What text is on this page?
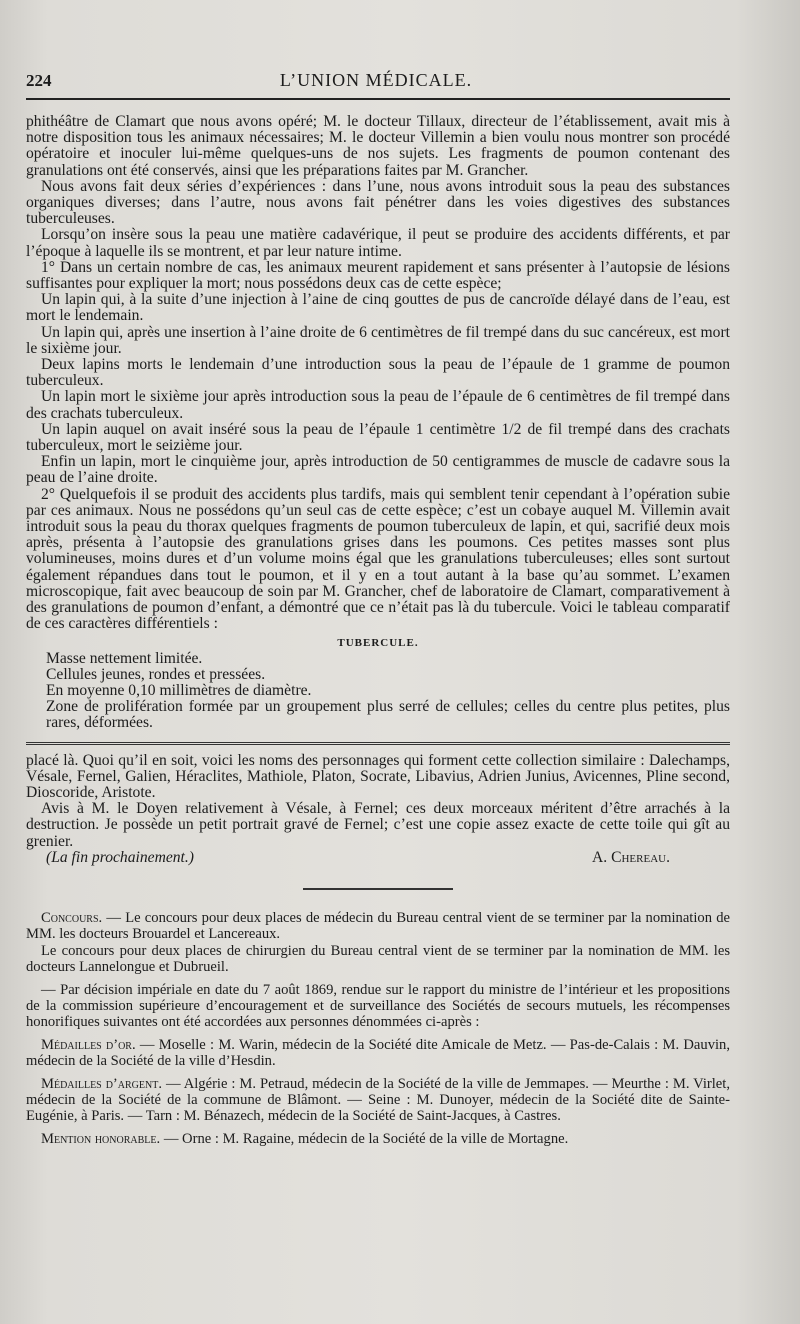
224	L’UNION MÉDICALE.

phithéâtre de Clamart que nous avons opéré; M. le docteur Tillaux, directeur de l’établissement, avait mis à notre disposition tous les animaux nécessaires; M. le docteur Villemin a bien voulu nous montrer son procédé opératoire et inoculer lui-même quelques-uns de nos sujets. Les fragments de poumon contenant des granulations ont été conservés, ainsi que les préparations faites par M. Grancher.

Nous avons fait deux séries d’expériences : dans l’une, nous avons introduit sous la peau des substances organiques diverses; dans l’autre, nous avons fait pénétrer dans les voies digestives des substances tuberculeuses.

Lorsqu’on insère sous la peau une matière cadavérique, il peut se produire des accidents différents, et par l’époque à laquelle ils se montrent, et par leur nature intime.

1° Dans un certain nombre de cas, les animaux meurent rapidement et sans présenter à l’autopsie de lésions suffisantes pour expliquer la mort; nous possédons deux cas de cette espèce;

Un lapin qui, à la suite d’une injection à l’aine de cinq gouttes de pus de cancroïde délayé dans de l’eau, est mort le lendemain.

Un lapin qui, après une insertion à l’aine droite de 6 centimètres de fil trempé dans du suc cancéreux, est mort le sixième jour.

Deux lapins morts le lendemain d’une introduction sous la peau de l’épaule de 1 gramme de poumon tuberculeux.

Un lapin mort le sixième jour après introduction sous la peau de l’épaule de 6 centimètres de fil trempé dans des crachats tuberculeux.

Un lapin auquel on avait inséré sous la peau de l’épaule 1 centimètre 1/2 de fil trempé dans des crachats tuberculeux, mort le seizième jour.

Enfin un lapin, mort le cinquième jour, après introduction de 50 centigrammes de muscle de cadavre sous la peau de l’aine droite.

2° Quelquefois il se produit des accidents plus tardifs, mais qui semblent tenir cependant à l’opération subie par ces animaux. Nous ne possédons qu’un seul cas de cette espèce; c’est un cobaye auquel M. Villemin avait introduit sous la peau du thorax quelques fragments de poumon tuberculeux de lapin, et qui, sacrifié deux mois après, présenta à l’autopsie des granulations grises dans les poumons. Ces petites masses sont plus volumineuses, moins dures et d’un volume moins égal que les granulations tuberculeuses; elles sont surtout également répandues dans tout le poumon, et il y en a tout autant à la base qu’au sommet. L’examen microscopique, fait avec beaucoup de soin par M. Grancher, chef de laboratoire de Clamart, comparativement à des granulations de poumon d’enfant, a démontré que ce n’était pas là du tubercule. Voici le tableau comparatif de ces caractères différentiels :

TUBERCULE.

Masse nettement limitée.

Cellules jeunes, rondes et pressées.

En moyenne 0,10 millimètres de diamètre.

Zone de prolifération formée par un groupement plus serré de cellules; celles du centre plus petites, plus rares, déformées.

placé là. Quoi qu’il en soit, voici les noms des personnages qui forment cette collection similaire : Dalechamps, Vésale, Fernel, Galien, Héraclites, Mathiole, Platon, Socrate, Libavius, Adrien Junius, Avicennes, Pline second, Dioscoride, Aristote.

Avis à M. le Doyen relativement à Vésale, à Fernel; ces deux morceaux méritent d’être arrachés à la destruction. Je possède un petit portrait gravé de Fernel; c’est une copie assez exacte de cette toile qui gît au grenier.

(La fin prochainement.)	A. Chereau.

Concours. — Le concours pour deux places de médecin du Bureau central vient de se terminer par la nomination de MM. les docteurs Brouardel et Lancereaux.

Le concours pour deux places de chirurgien du Bureau central vient de se terminer par la nomination de MM. les docteurs Lannelongue et Dubrueil.

— Par décision impériale en date du 7 août 1869, rendue sur le rapport du ministre de l’intérieur et les propositions de la commission supérieure d’encouragement et de surveillance des Sociétés de secours mutuels, les récompenses honorifiques suivantes ont été accordées aux personnes dénommées ci-après :

Médailles d’or. — Moselle : M. Warin, médecin de la Société dite Amicale de Metz. — Pas-de-Calais : M. Dauvin, médecin de la Société de la ville d’Hesdin.

Médailles d’argent. — Algérie : M. Petraud, médecin de la Société de la ville de Jemmapes. — Meurthe : M. Virlet, médecin de la Société de la commune de Blâmont. — Seine : M. Dunoyer, médecin de la Société dite de Sainte-Eugénie, à Paris. — Tarn : M. Bénazech, médecin de la Société de Saint-Jacques, à Castres.

Mention honorable. — Orne : M. Ragaine, médecin de la Société de la ville de Mortagne.
